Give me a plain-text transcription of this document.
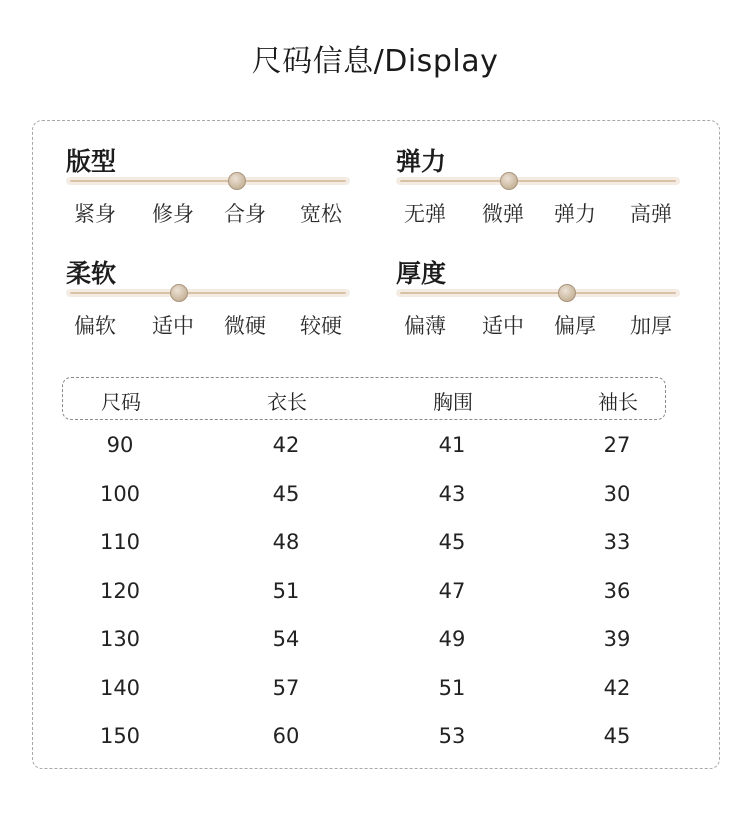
尺码信息/Display
版型
紧身	修身	合身	宽松
弹力
无弹	微弹	弹力	高弹
柔软
偏软	适中	微硬	较硬
厚度
偏薄	适中	偏厚	加厚
尺码	衣长	胸围	袖长
90	42	41	27
100	45	43	30
110	48	45	33
120	51	47	36
130	54	49	39
140	57	51	42
150	60	53	45
